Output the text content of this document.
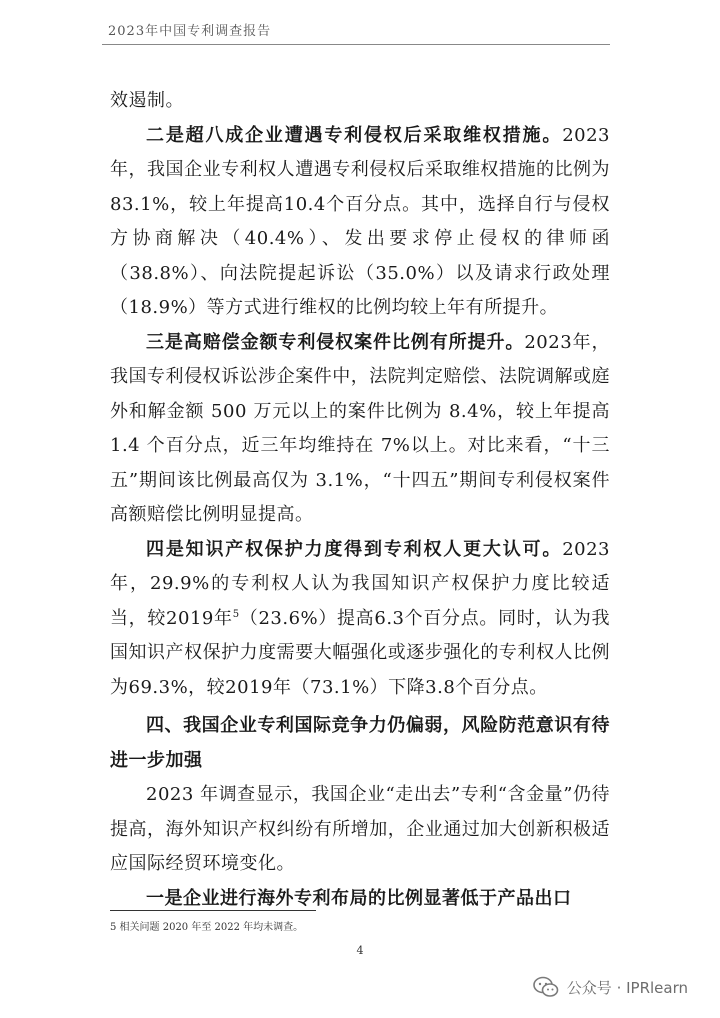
2023年中国专利调查报告

效遏制。

二是超八成企业遭遇专利侵权后采取维权措施。2023年，我国企业专利权人遭遇专利侵权后采取维权措施的比例为83.1%，较上年提高10.4个百分点。其中，选择自行与侵权方协商解决（40.4%）、发出要求停止侵权的律师函（38.8%）、向法院提起诉讼（35.0%）以及请求行政处理（18.9%）等方式进行维权的比例均较上年有所提升。

三是高赔偿金额专利侵权案件比例有所提升。2023年，我国专利侵权诉讼涉企案件中，法院判定赔偿、法院调解或庭外和解金额 500 万元以上的案件比例为 8.4%，较上年提高 1.4 个百分点，近三年均维持在 7%以上。对比来看，“十三五”期间该比例最高仅为 3.1%，“十四五”期间专利侵权案件高额赔偿比例明显提高。

四是知识产权保护力度得到专利权人更大认可。2023年，29.9%的专利权人认为我国知识产权保护力度比较适当，较2019年$^5$（23.6%）提高6.3个百分点。同时，认为我国知识产权保护力度需要大幅强化或逐步强化的专利权人比例为69.3%，较2019年（73.1%）下降3.8个百分点。

四、我国企业专利国际竞争力仍偏弱，风险防范意识有待进一步加强

2023 年调查显示，我国企业“走出去”专利“含金量”仍待提高，海外知识产权纠纷有所增加，企业通过加大创新积极适应国际经贸环境变化。

一是企业进行海外专利布局的比例显著低于产品出口

5 相关问题 2020 年至 2022 年均未调查。
4
公众号 · IPRlearn
